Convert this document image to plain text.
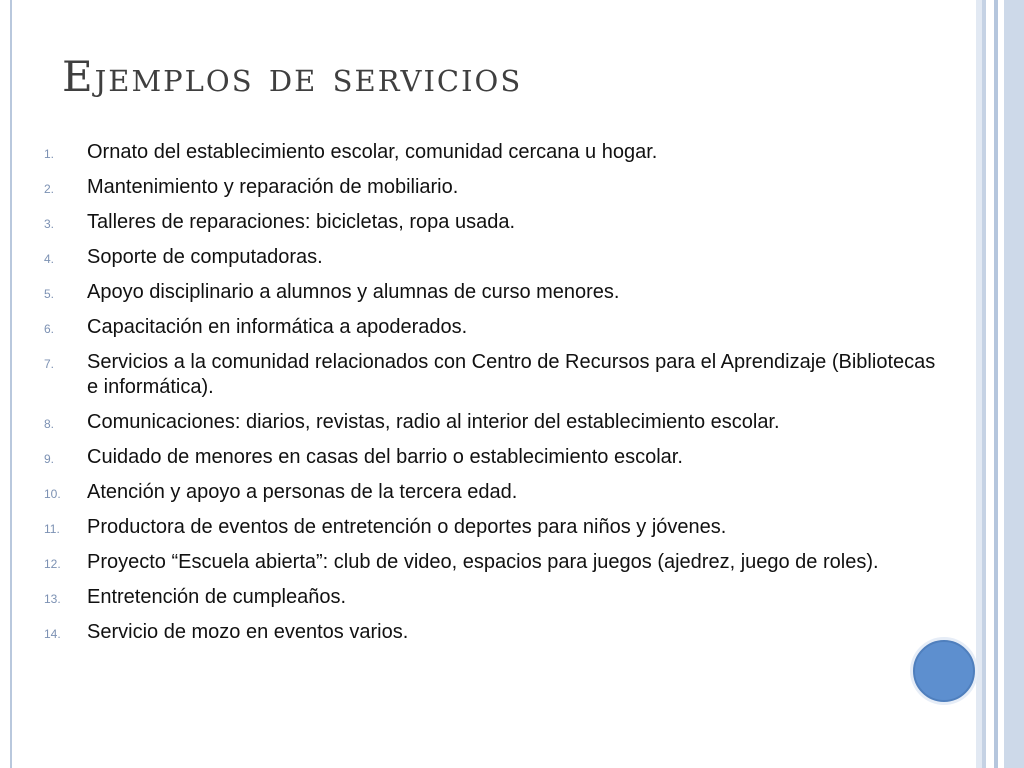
Ejemplos de servicios
1.	Ornato del establecimiento escolar, comunidad cercana u hogar.
2.	Mantenimiento y reparación de mobiliario.
3.	Talleres de reparaciones: bicicletas, ropa usada.
4.	Soporte de computadoras.
5.	Apoyo disciplinario a alumnos y alumnas de curso menores.
6.	Capacitación en informática a apoderados.
7.	Servicios a la comunidad relacionados con Centro de Recursos para el Aprendizaje (Bibliotecas e informática).
8.	Comunicaciones: diarios, revistas, radio al interior del establecimiento escolar.
9.	Cuidado de menores en casas del barrio o establecimiento escolar.
10.	Atención y apoyo a personas de la tercera edad.
11.	Productora de eventos de entretención o deportes para niños y jóvenes.
12.	Proyecto “Escuela abierta”: club de video, espacios para juegos (ajedrez, juego de roles).
13.	Entretención de cumpleaños.
14.	Servicio de mozo en eventos varios.
